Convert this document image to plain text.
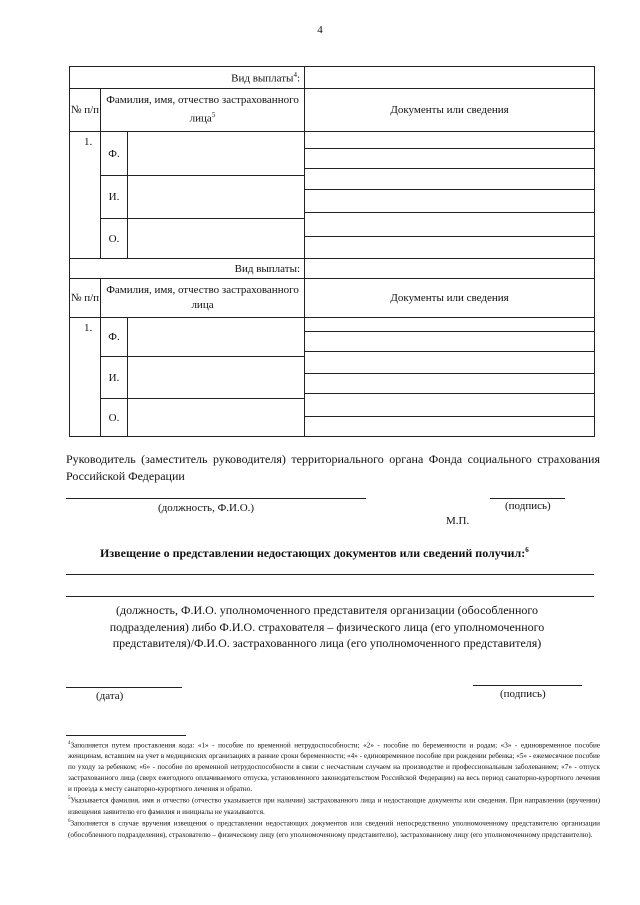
4
Вид выплаты$^4$:			
№ п/п	Фамилия, имя, отчество застрахованного лица$^5$		Документы или сведения
1.	Ф.		

	И.		
	О.		
Вид выплаты:			
№ п/п	Фамилия, имя, отчество застрахованного лица		Документы или сведения
1.	Ф.		

	И.		
	О.		
Руководитель (заместитель руководителя) территориального органа Фонда социального страхования Российской Федерации
(должность, Ф.И.О.)	(подпись)
М.П.
Извещение о представлении недостающих документов или сведений получил:$^6$
(должность, Ф.И.О. уполномоченного представителя организации (обособленного подразделения) либо Ф.И.О. страхователя – физического лица (его уполномоченного представителя)/Ф.И.О. застрахованного лица (его уполномоченного представителя)
(дата)	(подпись)

$^4$Заполняется путем проставления кода: «1» - пособие по временной нетрудоспособности; «2» - пособие по беременности и родам; «3» - единовременное пособие женщинам, вставшим на учет в медицинских организациях в ранние сроки беременности; «4» - единовременное пособие при рождении ребенка; «5» - ежемесячное пособие по уходу за ребенком; «6» - пособие по временной нетрудоспособности в связи с несчастным случаем на производстве и профессиональным заболеванием; «7» - отпуск застрахованного лица (сверх ежегодного оплачиваемого отпуска, установленного законодательством Российской Федерации) на весь период санаторно-курортного лечения и проезда к месту санаторно-курортного лечения и обратно.

$^5$Указывается фамилия, имя и отчество (отчество указывается при наличии) застрахованного лица и недостающие документы или сведения. При направлении (вручении) извещения заявителю его фамилия и инициалы не указываются.

$^6$Заполняется в случае вручения извещения о представлении недостающих документов или сведений непосредственно уполномоченному представителю организации (обособленного подразделения), страхователю – физическому лицу (его уполномоченному представителю), застрахованному лицу (его уполномоченному представителю).
